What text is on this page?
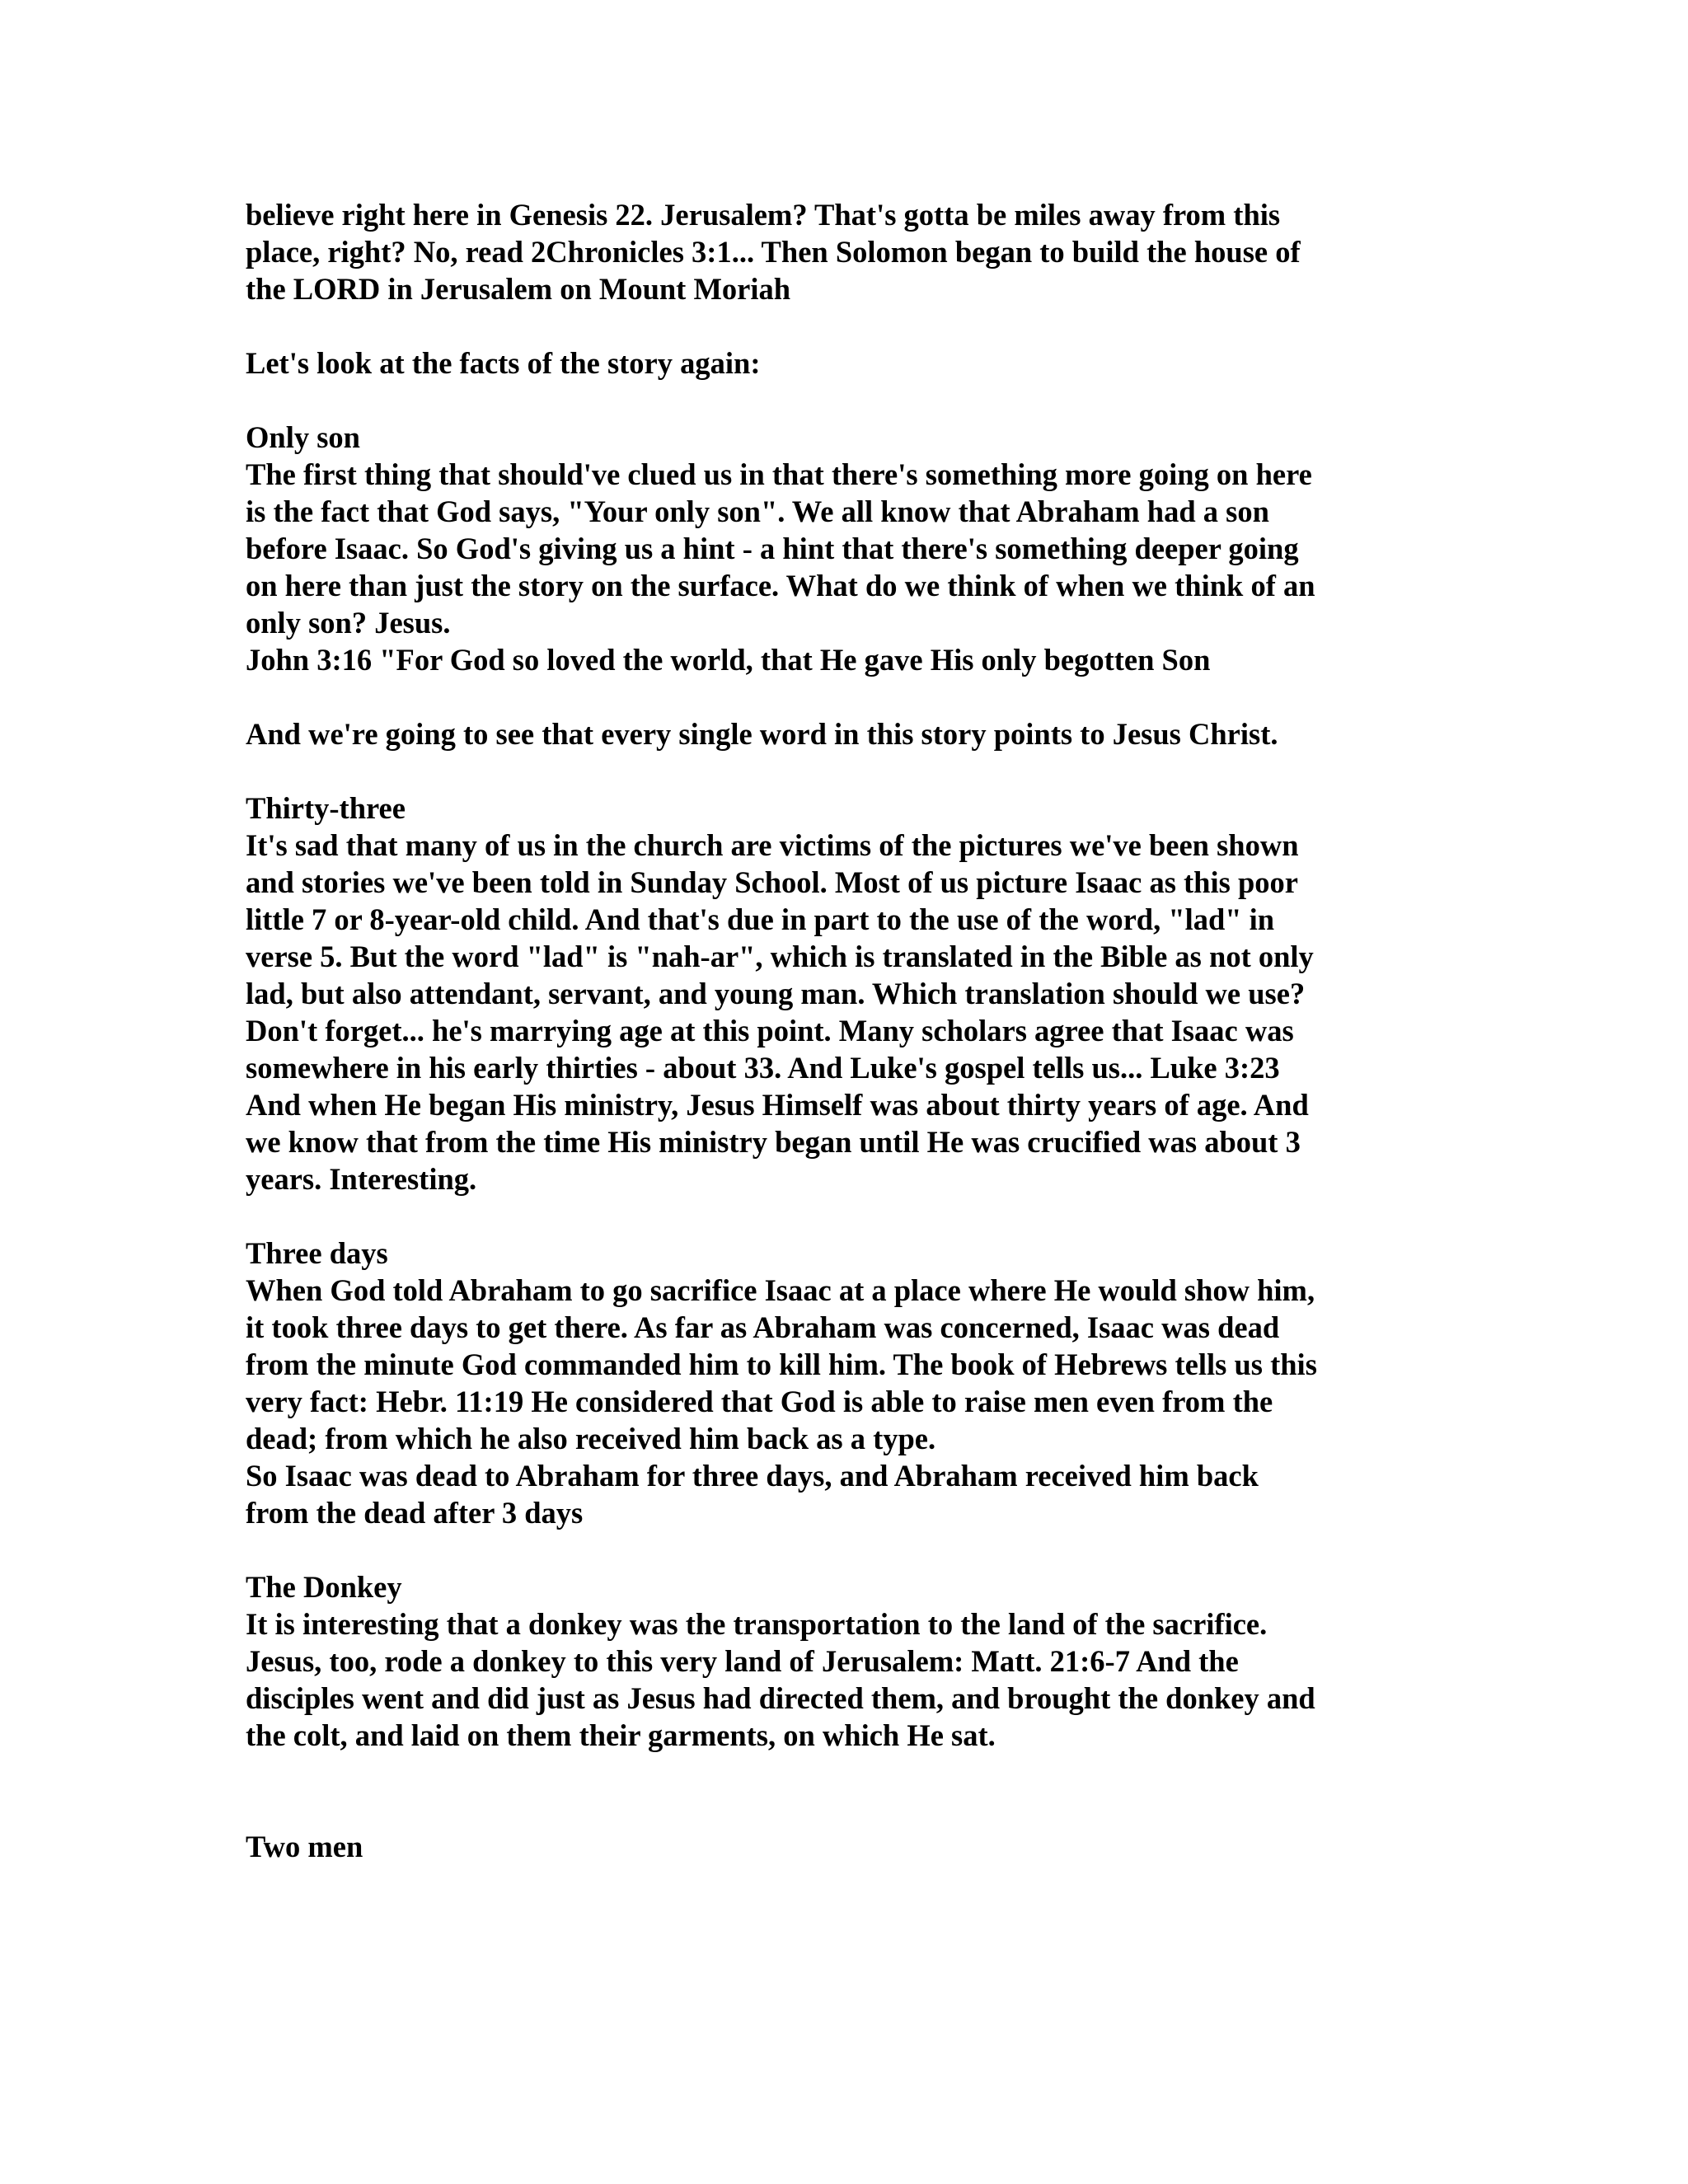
believe right here in Genesis 22. Jerusalem? That's gotta be miles away from this
place, right? No, read 2Chronicles 3:1... Then Solomon began to build the house of
the LORD in Jerusalem on Mount Moriah
Let's look at the facts of the story again:
Only son
The first thing that should've clued us in that there's something more going on here
is the fact that God says, "Your only son". We all know that Abraham had a son
before Isaac. So God's giving us a hint - a hint that there's something deeper going
on here than just the story on the surface. What do we think of when we think of an
only son? Jesus.
John 3:16 "For God so loved the world, that He gave His only begotten Son
And we're going to see that every single word in this story points to Jesus Christ.
Thirty-three
It's sad that many of us in the church are victims of the pictures we've been shown
and stories we've been told in Sunday School. Most of us picture Isaac as this poor
little 7 or 8-year-old child. And that's due in part to the use of the word, "lad" in
verse 5. But the word "lad" is "nah-ar", which is translated in the Bible as not only
lad, but also attendant, servant, and young man. Which translation should we use?
Don't forget... he's marrying age at this point. Many scholars agree that Isaac was
somewhere in his early thirties - about 33. And Luke's gospel tells us... Luke 3:23
And when He began His ministry, Jesus Himself was about thirty years of age. And
we know that from the time His ministry began until He was crucified was about 3
years. Interesting.
Three days
When God told Abraham to go sacrifice Isaac at a place where He would show him,
it took three days to get there. As far as Abraham was concerned, Isaac was dead
from the minute God commanded him to kill him. The book of Hebrews tells us this
very fact: Hebr. 11:19 He considered that God is able to raise men even from the
dead; from which he also received him back as a type.
So Isaac was dead to Abraham for three days, and Abraham received him back
from the dead after 3 days
The Donkey
It is interesting that a donkey was the transportation to the land of the sacrifice.
Jesus, too, rode a donkey to this very land of Jerusalem: Matt. 21:6-7 And the
disciples went and did just as Jesus had directed them, and brought the donkey and
the colt, and laid on them their garments, on which He sat.
Two men
